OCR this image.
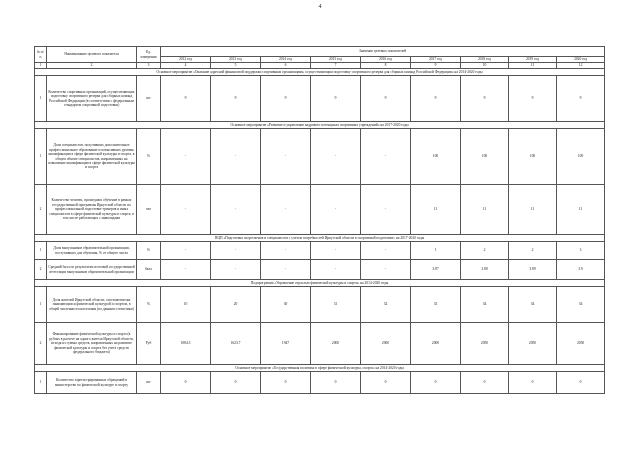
4
№ п/п	Наименование целевого показателя	Ед. измерения	Значение целевых показателей								
			2012 год	2013 год	2014 год	2015 год	2016 год	2017 год	2018 год	2019 год	2020 год
1	2	3	4	5	6	7	8	9	10	11	12
Основное мероприятие «Оказание адресной финансовой поддержки спортивным организациям, осуществляющим подготовку спортивного резерва для сборных команд Российской Федерации» на 2014-2020 годы											
1	Количество спортивных организаций, осуществляющих подготовку спортивного резерва для сборных команд Российской Федерации (в соответствии с федеральным стандартом спортивной подготовки)	шт	9	9	9	9	9	9	9	9	9
Основное мероприятие «Развитие и укрепление кадрового потенциала спортивных учреждений» на 2017-2020 годы											
1	Доля специалистов, получивших дополнительное профессиональное образование и повысивших уровень квалификации в сфере физической культуры и спорта, в общем объеме специалистов, направленных на повышение квалификации в сфере физической культуры и спорта	%	-	-	-	-	-	100	100	100	100
2	Количество человек, прошедших обучение в рамках государственной программы Иркутской области по профессиональной подготовке тренеров и иных специалистов в сфере физической культуры и спорта, в том числе работающих с инвалидами	чел	-	-	-	-	-	11	11	11	11
ВЦП «Подготовка спортсменов и специалистов с учетом потребностей Иркутской области в спортивной подготовке» на 2017-2020 годы											
1	Доля выпускников образовательной организации, поступивших для обучения, % от общего числа	%	-	-	-	-	-	1	2	2	3
2	Средний балл по результатам итоговой государственной аттестации выпускников образовательной организации	балл	-	-	-	-	-	3.87	3.88	3.89	3.9
Подпрограмма «Управление отраслью физической культуры и спорта» на 2014-2020 годы											
1	Доля жителей Иркутской области, систематически занимающихся физической культурой и спортом, в общей численности населения (по данным статистики)	%	10	20	30	31	32	33	34	34	34
2	Финансирование физической культуры и спорта (в рублях в расчете на одного жителя Иркутской области, исходя из суммы средств, направленных на развитие физической культуры и спорта без учета средств федерального бюджета)	Руб	1084.3	1623.7	1947	2000	2000	2000	2050	2050	2050
Основное мероприятие «Государственная политика в сфере физической культуры, спорта» на 2014-2020 годы											
1	Количество зарегистрированных обращений в министерство по физической культуре и спорту	шт	0	0	0	0	0	0	0	0	0
